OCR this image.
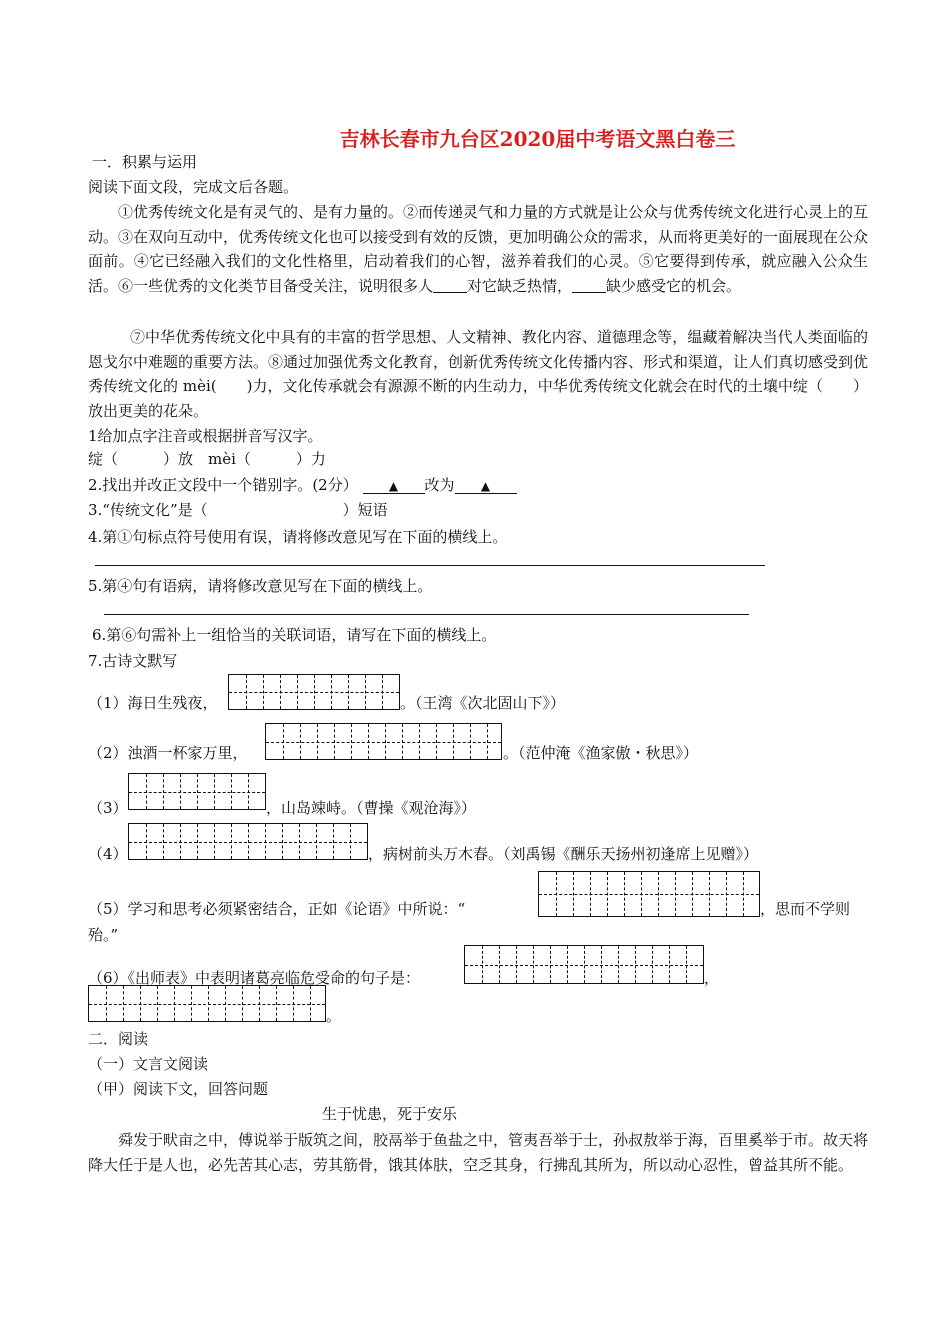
吉林长春市九台区2020届中考语文黑白卷三
一．积累与运用
阅读下面文段，完成文后各题。
①优秀传统文化是有灵气的、是有力量的。②而传递灵气和力量的方式就是让公众与优秀传统文化进行心灵上的互动。③在双向互动中，优秀传统文化也可以接受到有效的反馈，更加明确公众的需求，从而将更美好的一面展现在公众面前。④它已经融入我们的文化性格里，启动着我们的心智，滋养着我们的心灵。⑤它要得到传承，就应融入公众生活。⑥一些优秀的文化类节目备受关注，说明很多人 对它缺乏热情， 缺少感受它的机会。
⑦中华优秀传统文化中具有的丰富的哲学思想、人文精神、教化内容、道德理念等，缊藏着解决当代人类面临的恩戈尔中难题的重要方法。⑧通过加强优秀文化教育，创新优秀传统文化传播内容、形式和渠道，让人们真切感受到优秀传统文化的 mèi(　　)力，文化传承就会有源源不断的内生动力，中华优秀传统文化就会在时代的土壤中绽（　　）放出更美的花朵。
1给加点字注音或根据拼音写汉字。
绽（　　　）放　mèi（　　　）力
2.找出并改正文段中一个错别字。(2分）	▲ 改为 ▲
3.“传统文化”是（　　　　　　　　　）短语
4.第①句标点符号使用有误，请将修改意见写在下面的横线上。
5.第④句有语病，请将修改意见写在下面的横线上。
6.第⑥句需补上一组恰当的关联词语，请写在下面的横线上。
7.古诗文默写
（1）海日生残夜，	。（王湾《次北固山下》）
（2）浊酒一杯家万里，	。（范仲淹《渔家傲・秋思》）
（3）	，山岛竦峙。（曹操《观沧海》）
（4）	，病树前头万木春。（刘禹锡《酬乐天扬州初逢席上见赠》）
（5）学习和思考必须紧密结合，正如《论语》中所说：“	，思而不学则
殆。”
（6）《出师表》中表明诸葛亮临危受命的句子是：	，
。
二．阅读
（一）文言文阅读
（甲）阅读下文，回答问题
生于忧患，死于安乐
舜发于畎亩之中，傅说举于版筑之间，胶鬲举于鱼盐之中，管夷吾举于士，孙叔敖举于海，百里奚举于市。故天将降大任于是人也，必先苦其心志，劳其筋骨，饿其体肤，空乏其身，行拂乱其所为，所以动心忍性，曾益其所不能。
